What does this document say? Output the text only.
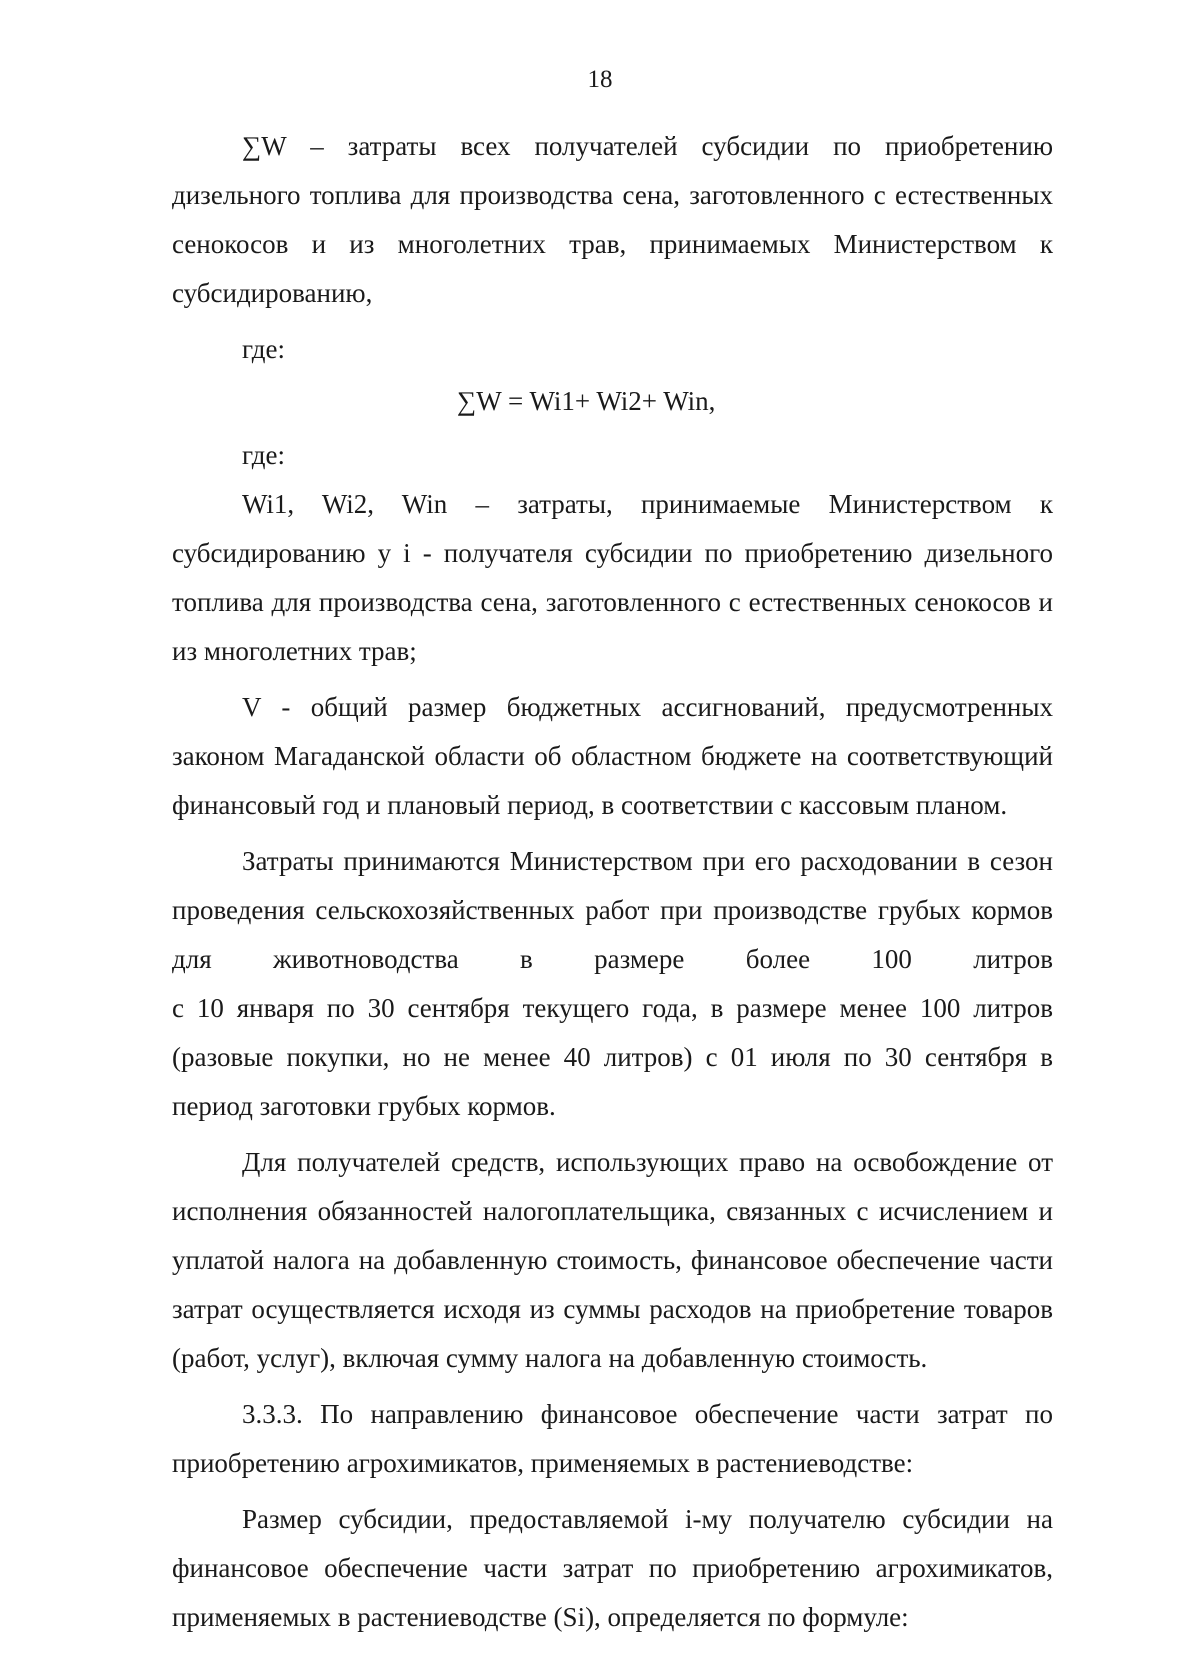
18

∑W – затраты всех получателей субсидии по приобретению дизельного топлива для производства сена, заготовленного с естественных сенокосов и из многолетних трав, принимаемых Министерством к субсидированию,

где:

∑W = Wi1+ Wi2+ Win,

где:

Wi1, Wi2, Win – затраты, принимаемые Министерством к субсидированию у i - получателя субсидии по приобретению дизельного топлива для производства сена, заготовленного с естественных сенокосов и из многолетних трав;

V - общий размер бюджетных ассигнований, предусмотренных законом Магаданской области об областном бюджете на соответствующий финансовый год и плановый период, в соответствии с кассовым планом.

Затраты принимаются Министерством при его расходовании в сезон проведения сельскохозяйственных работ при производстве грубых кормов для животноводства в размере более 100 литров

с 10 января по 30 сентября текущего года, в размере менее 100 литров (разовые покупки, но не менее 40 литров) с 01 июля по 30 сентября в период заготовки грубых кормов.

Для получателей средств, использующих право на освобождение от исполнения обязанностей налогоплательщика, связанных с исчислением и уплатой налога на добавленную стоимость, финансовое обеспечение части затрат осуществляется исходя из суммы расходов на приобретение товаров (работ, услуг), включая сумму налога на добавленную стоимость.

3.3.3. По направлению финансовое обеспечение части затрат по приобретению агрохимикатов, применяемых в растениеводстве:

Размер субсидии, предоставляемой i-му получателю субсидии на финансовое обеспечение части затрат по приобретению агрохимикатов, применяемых в растениеводстве (Si), определяется по формуле:
